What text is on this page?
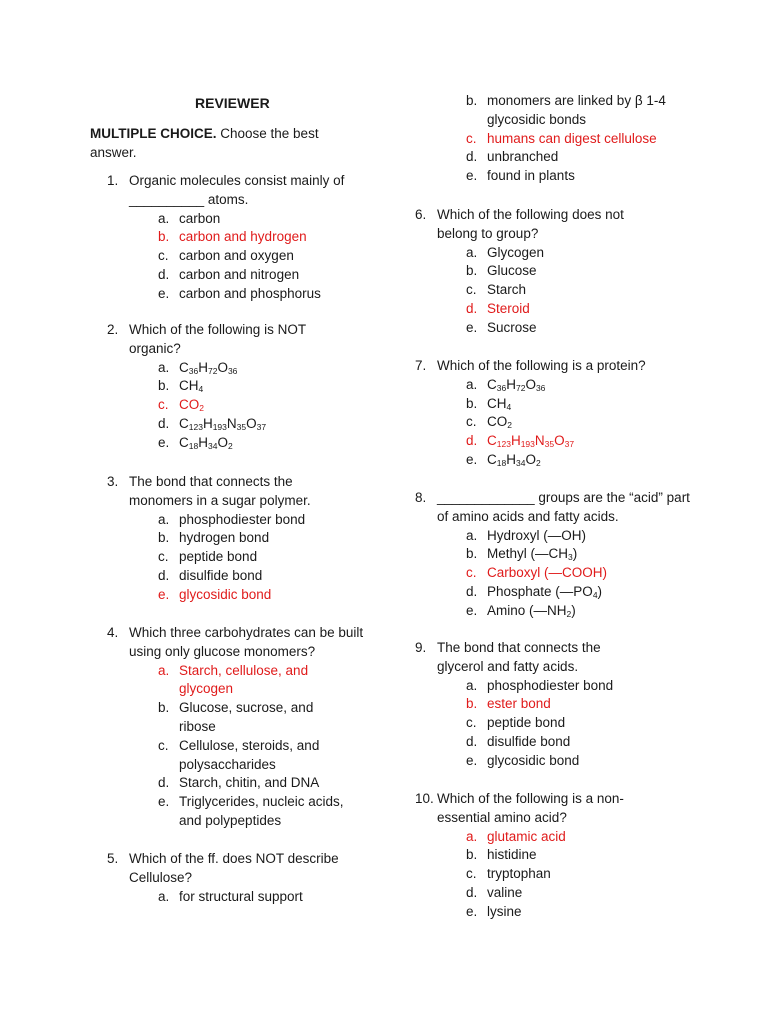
REVIEWER
MULTIPLE CHOICE. Choose the best answer.
1. Organic molecules consist mainly of __________ atoms.
a. carbon
b. carbon and hydrogen
c. carbon and oxygen
d. carbon and nitrogen
e. carbon and phosphorus
2. Which of the following is NOT organic?
a. $C_{36}H_{72}O_{36}$
b. $CH_4$
c. $CO_2$
d. $C_{123}H_{193}N_{35}O_{37}$
e. $C_{18}H_{34}O_2$
3. The bond that connects the monomers in a sugar polymer.
a. phosphodiester bond
b. hydrogen bond
c. peptide bond
d. disulfide bond
e. glycosidic bond
4. Which three carbohydrates can be built using only glucose monomers?
a. Starch, cellulose, and glycogen
b. Glucose, sucrose, and ribose
c. Cellulose, steroids, and polysaccharides
d. Starch, chitin, and DNA
e. Triglycerides, nucleic acids, and polypeptides
5. Which of the ff. does NOT describe Cellulose?
a. for structural support
b. monomers are linked by β 1-4 glycosidic bonds
c. humans can digest cellulose
d. unbranched
e. found in plants
6. Which of the following does not belong to group?
a. Glycogen
b. Glucose
c. Starch
d. Steroid
e. Sucrose
7. Which of the following is a protein?
a. $C_{36}H_{72}O_{36}$
b. $CH_4$
c. $CO_2$
d. $C_{123}H_{193}N_{35}O_{37}$
e. $C_{18}H_{34}O_2$
8. _____________ groups are the “acid” part of amino acids and fatty acids.
a. Hydroxyl (—OH)
b. Methyl $(—CH_3)$
c. Carboxyl (—COOH)
d. Phosphate $(—PO_4)$
e. Amino $(—NH_2)$
9. The bond that connects the glycerol and fatty acids.
a. phosphodiester bond
b. ester bond
c. peptide bond
d. disulfide bond
e. glycosidic bond
10. Which of the following is a non-essential amino acid?
a. glutamic acid
b. histidine
c. tryptophan
d. valine
e. lysine
